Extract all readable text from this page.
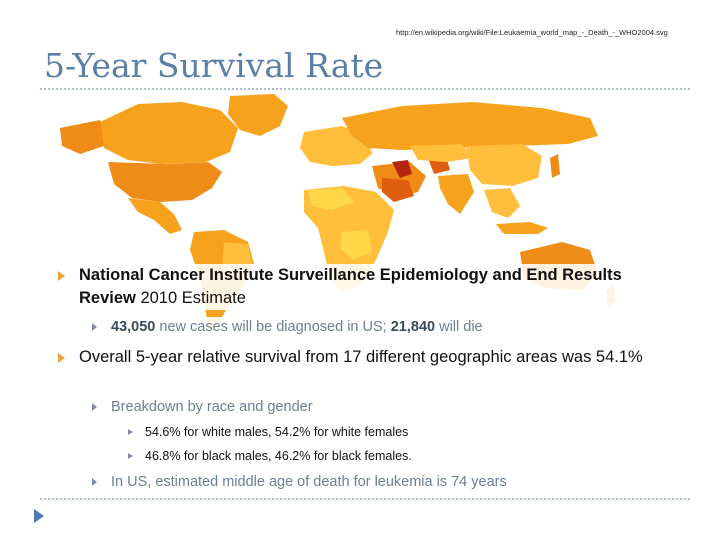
http://en.wikipedia.org/wiki/File:Leukaemia_world_map_-_Death_-_WHO2004.svg
5-Year Survival Rate
National Cancer Institute Surveillance Epidemiology and End Results Review 2010 Estimate
43,050 new cases will be diagnosed in US; 21,840 will die
Overall 5-year relative survival from 17 different geographic areas was 54.1%
Breakdown by race and gender
54.6% for white males, 54.2% for white females
46.8% for black males, 46.2% for black females.
In US, estimated middle age of death for leukemia is 74 years
